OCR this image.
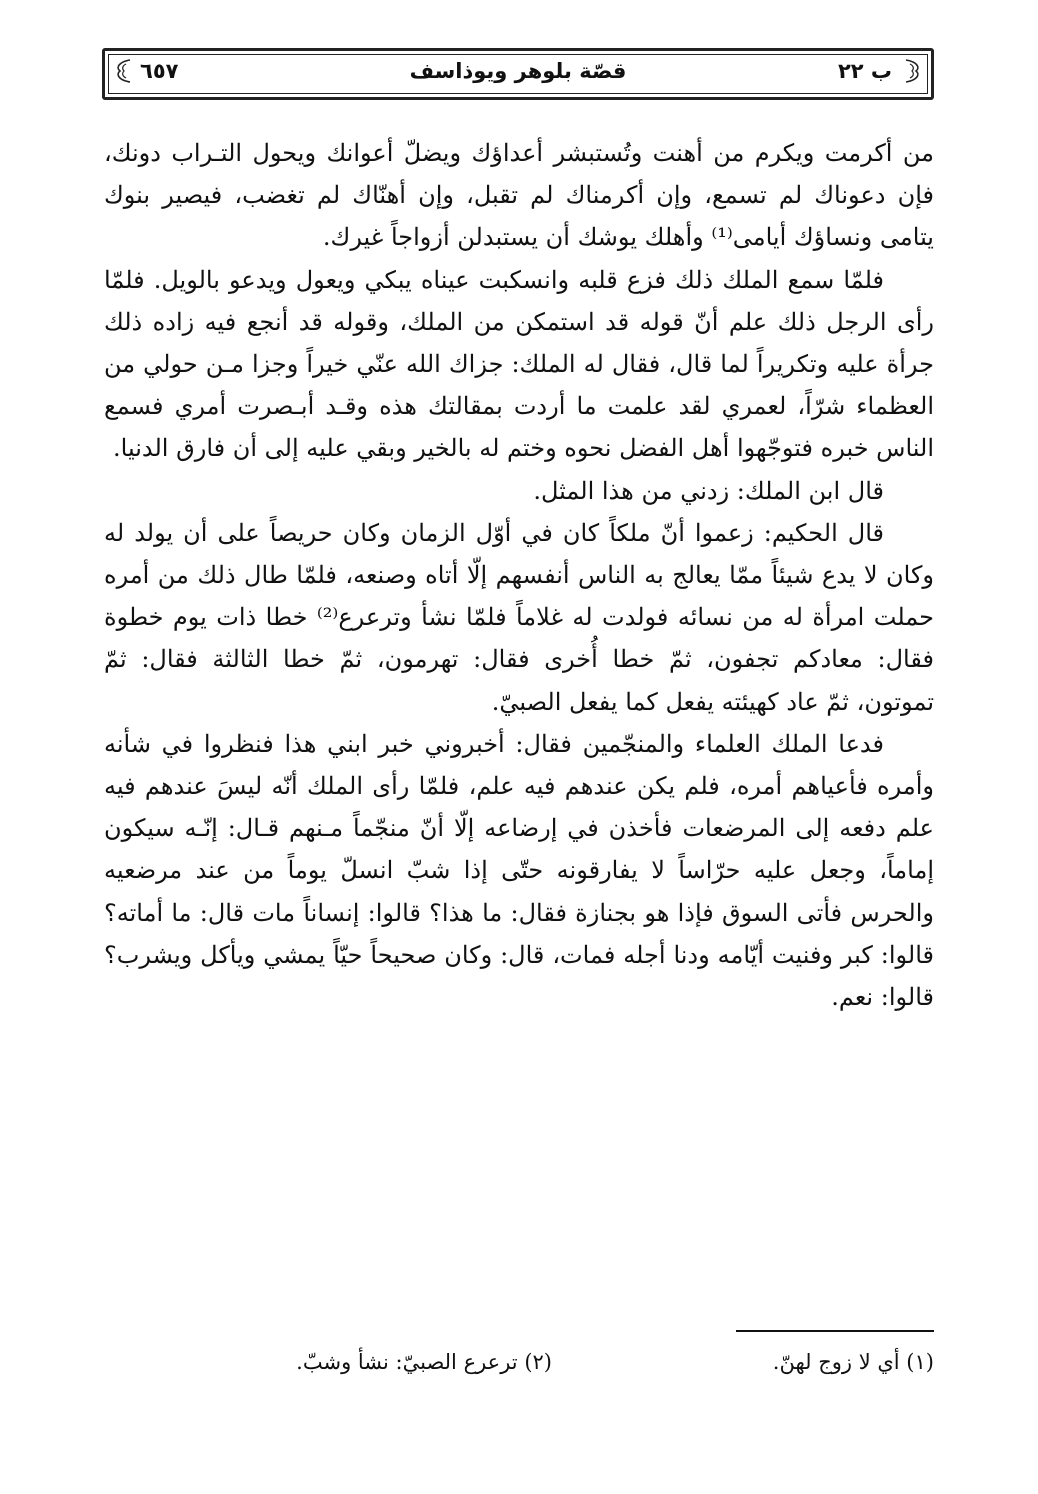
٦٥٧	قصّة بلوهر ويوذاسف	ب ٢٢

من أكرمت ويكرم من أهنت وتُستبشر أعداؤك ويضلّ أعوانك ويحول التـراب دونك، فإن دعوناك لم تسمع، وإن أكرمناك لم تقبل، وإن أهنّاك لم تغضب، فيصير بنوك يتامى ونساؤك أيامى⁽¹⁾ وأهلك يوشك أن يستبدلن أزواجاً غيرك.

فلمّا سمع الملك ذلك فزع قلبه وانسكبت عيناه يبكي ويعول ويدعو بالويل. فلمّا رأى الرجل ذلك علم أنّ قوله قد استمكن من الملك، وقوله قد أنجع فيه زاده ذلك جرأة عليه وتكريراً لما قال، فقال له الملك: جزاك الله عنّي خيراً وجزا مـن حولي من العظماء شرّاً، لعمري لقد علمت ما أردت بمقالتك هذه وقـد أبـصرت أمري فسمع الناس خبره فتوجّهوا أهل الفضل نحوه وختم له بالخير وبقي عليه إلى أن فارق الدنيا.

قال ابن الملك: زدني من هذا المثل.

قال الحكيم: زعموا أنّ ملكاً كان في أوّل الزمان وكان حريصاً على أن يولد له وكان لا يدع شيئاً ممّا يعالج به الناس أنفسهم إلّا أتاه وصنعه، فلمّا طال ذلك من أمره حملت امرأة له من نسائه فولدت له غلاماً فلمّا نشأ وترعرع⁽²⁾ خطا ذات يوم خطوة فقال: معادكم تجفون، ثمّ خطا أُخرى فقال: تهرمون، ثمّ خطا الثالثة فقال: ثمّ تموتون، ثمّ عاد كهيئته يفعل كما يفعل الصبيّ.

فدعا الملك العلماء والمنجّمين فقال: أخبروني خبر ابني هذا فنظروا في شأنه وأمره فأعياهم أمره، فلم يكن عندهم فيه علم، فلمّا رأى الملك أنّه ليسَ عندهم فيه علم دفعه إلى المرضعات فأخذن في إرضاعه إلّا أنّ منجّماً مـنهم قـال: إنّـه سيكون إماماً، وجعل عليه حرّاساً لا يفارقونه حتّى إذا شبّ انسلّ يوماً من عند مرضعيه والحرس فأتى السوق فإذا هو بجنازة فقال: ما هذا؟ قالوا: إنساناً مات قال: ما أماته؟ قالوا: كبر وفنيت أيّامه ودنا أجله فمات، قال: وكان صحيحاً حيّاً يمشي ويأكل ويشرب؟ قالوا: نعم.

(١) أي لا زوج لهنّ.
(٢) ترعرع الصبيّ: نشأ وشبّ.
